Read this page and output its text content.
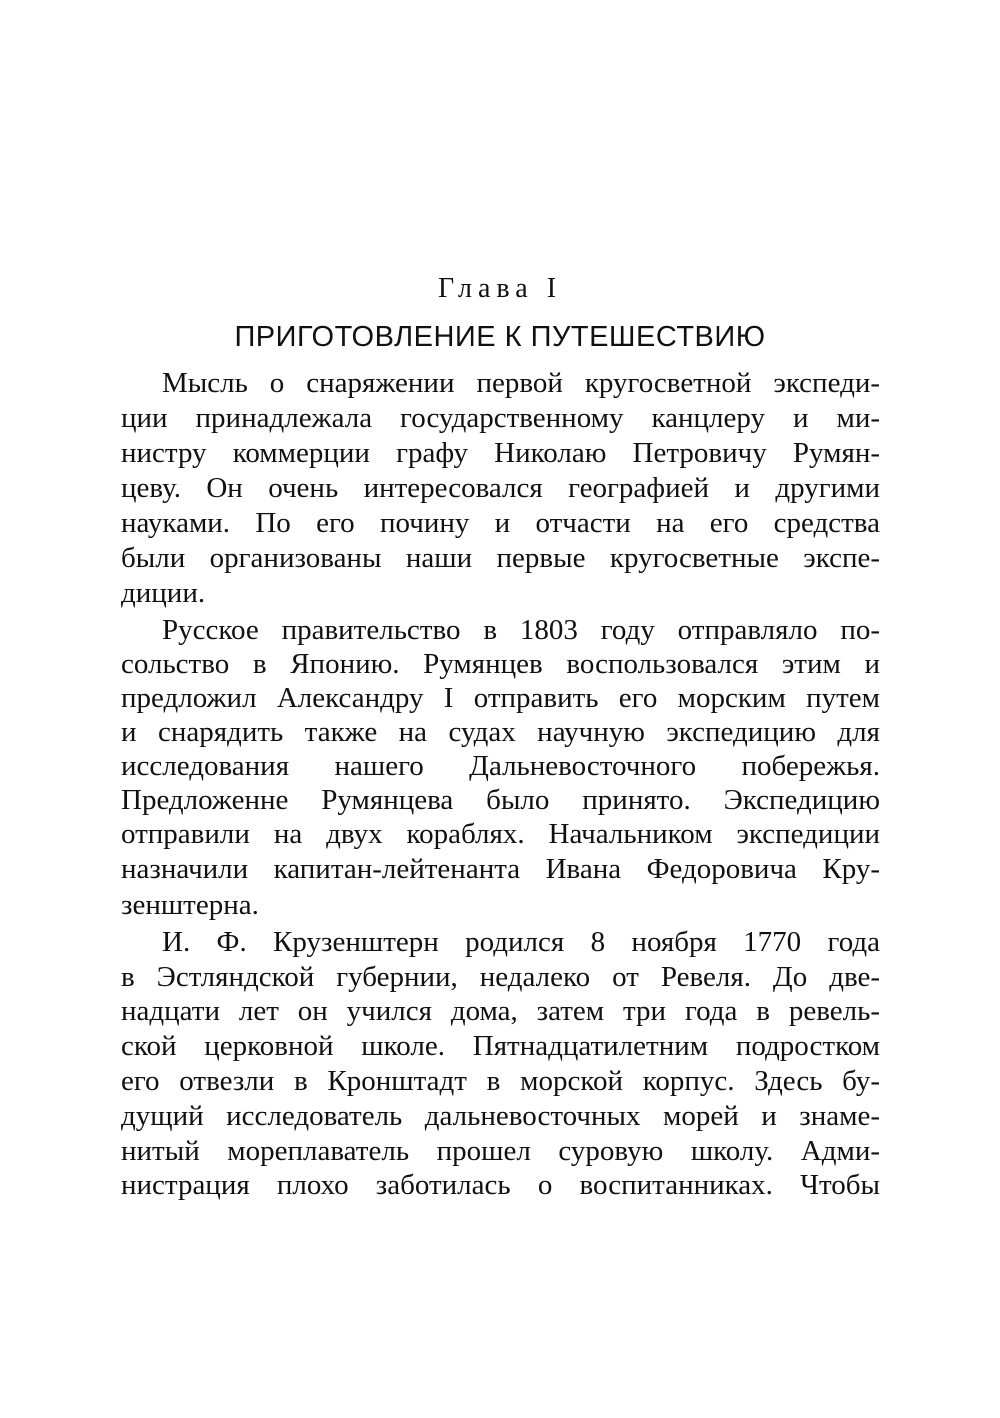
Глава I
ПРИГОТОВЛЕНИЕ К ПУТЕШЕСТВИЮ
Мысль о снаряжении первой кругосветной экспеди-
ции принадлежала государственному канцлеру и ми-
нистру коммерции графу Николаю Петровичу Румян-
цеву. Он очень интересовался географией и другими
науками. По его почину и отчасти на его средства
были организованы наши первые кругосветные экспе-
диции.
Русское правительство в 1803 году отправляло по-
сольство в Японию. Румянцев воспользовался этим и
предложил Александру I отправить его морским путем
и снарядить также на судах научную экспедицию для
исследования нашего Дальневосточного побережья.
Предложенне Румянцева было принято. Экспедицию
отправили на двух кораблях. Начальником экспедиции
назначили капитан-лейтенанта Ивана Федоровича Кру-
зенштерна.
И. Ф. Крузенштерн родился 8 ноября 1770 года
в Эстляндской губернии, недалеко от Ревеля. До две-
надцати лет он учился дома, затем три года в ревель-
ской церковной школе. Пятнадцатилетним подростком
его отвезли в Кронштадт в морской корпус. Здесь бу-
дущий исследователь дальневосточных морей и знаме-
нитый мореплаватель прошел суровую школу. Адми-
нистрация плохо заботилась о воспитанниках. Чтобы
